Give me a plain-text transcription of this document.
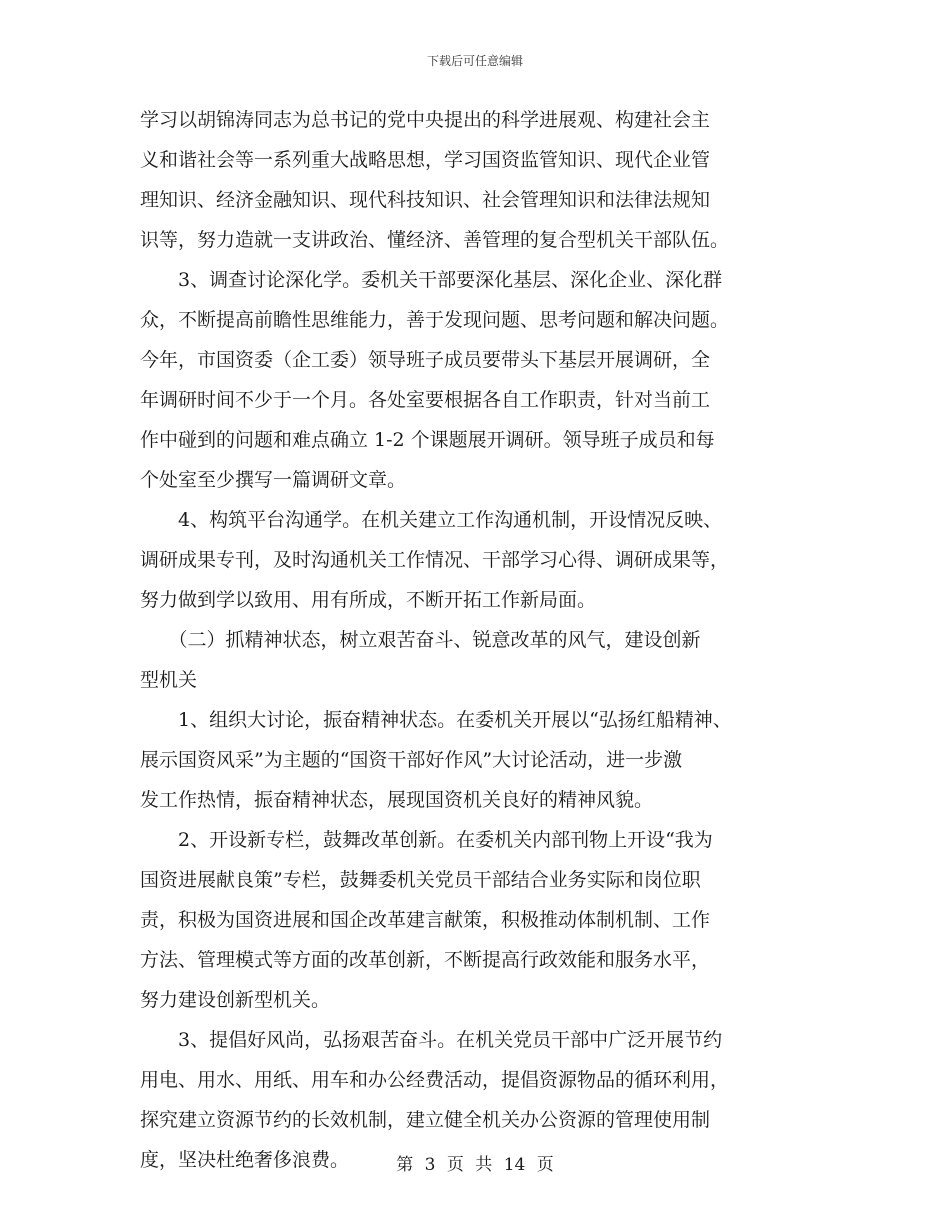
下载后可任意编辑
学习以胡锦涛同志为总书记的党中央提出的科学进展观、构建社会主
义和谐社会等一系列重大战略思想，学习国资监管知识、现代企业管
理知识、经济金融知识、现代科技知识、社会管理知识和法律法规知
识等，努力造就一支讲政治、懂经济、善管理的复合型机关干部队伍。
3、调查讨论深化学。委机关干部要深化基层、深化企业、深化群
众，不断提高前瞻性思维能力，善于发现问题、思考问题和解决问题。
今年，市国资委（企工委）领导班子成员要带头下基层开展调研，全
年调研时间不少于一个月。各处室要根据各自工作职责，针对当前工
作中碰到的问题和难点确立 1-2 个课题展开调研。领导班子成员和每
个处室至少撰写一篇调研文章。
4、构筑平台沟通学。在机关建立工作沟通机制，开设情况反映、
调研成果专刊，及时沟通机关工作情况、干部学习心得、调研成果等，
努力做到学以致用、用有所成，不断开拓工作新局面。
（二）抓精神状态，树立艰苦奋斗、锐意改革的风气，建设创新
型机关
1、组织大讨论，振奋精神状态。在委机关开展以“弘扬红船精神、
展示国资风采”为主题的“国资干部好作风”大讨论活动，进一步激
发工作热情，振奋精神状态，展现国资机关良好的精神风貌。
2、开设新专栏，鼓舞改革创新。在委机关内部刊物上开设“我为
国资进展献良策”专栏，鼓舞委机关党员干部结合业务实际和岗位职
责，积极为国资进展和国企改革建言献策，积极推动体制机制、工作
方法、管理模式等方面的改革创新，不断提高行政效能和服务水平，
努力建设创新型机关。
3、提倡好风尚，弘扬艰苦奋斗。在机关党员干部中广泛开展节约
用电、用水、用纸、用车和办公经费活动，提倡资源物品的循环利用，
探究建立资源节约的长效机制，建立健全机关办公资源的管理使用制
度，坚决杜绝奢侈浪费。	第 3 页 共 14 页
